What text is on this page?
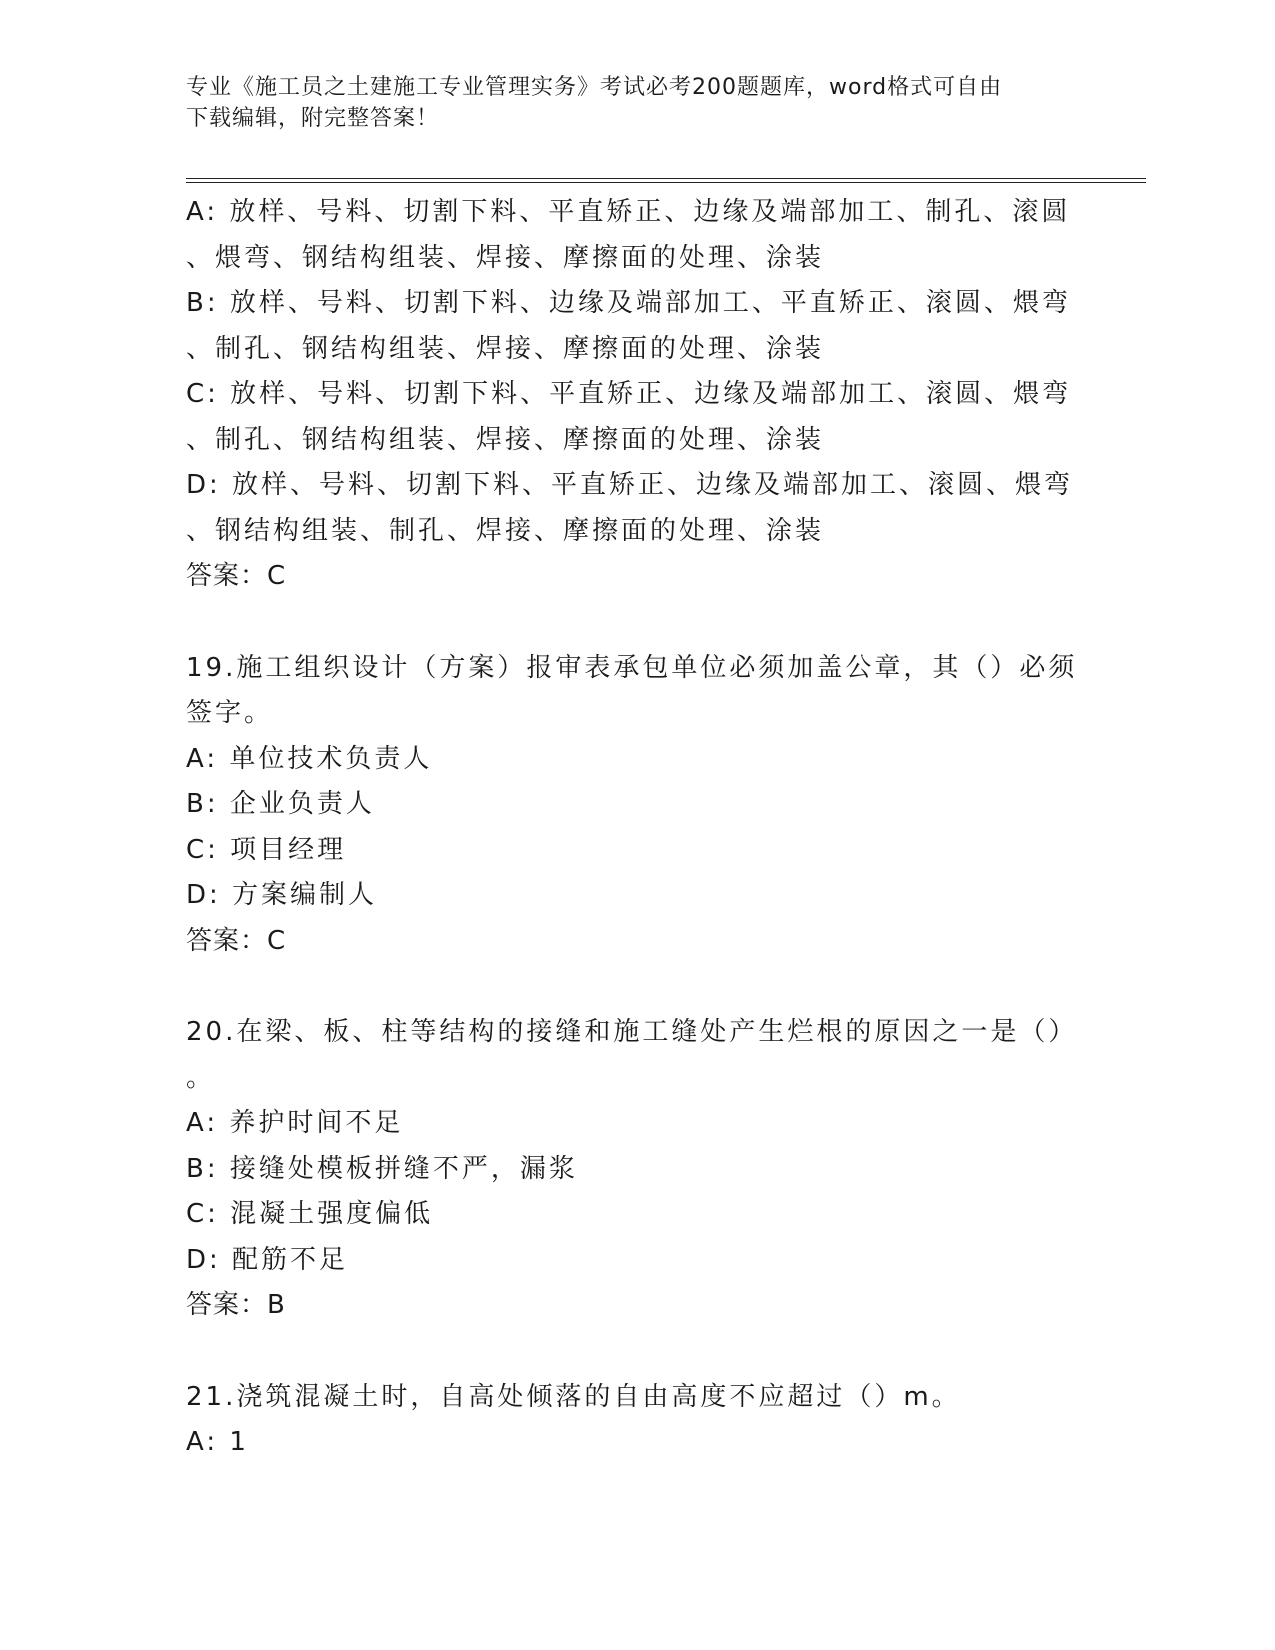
专业《施工员之土建施工专业管理实务》考试必考200题题库，word格式可自由
下载编辑，附完整答案！
A: 放样、号料、切割下料、平直矫正、边缘及端部加工、制孔、滚圆
、煨弯、钢结构组装、焊接、摩擦面的处理、涂装
B: 放样、号料、切割下料、边缘及端部加工、平直矫正、滚圆、煨弯
、制孔、钢结构组装、焊接、摩擦面的处理、涂装
C: 放样、号料、切割下料、平直矫正、边缘及端部加工、滚圆、煨弯
、制孔、钢结构组装、焊接、摩擦面的处理、涂装
D: 放样、号料、切割下料、平直矫正、边缘及端部加工、滚圆、煨弯
、钢结构组装、制孔、焊接、摩擦面的处理、涂装
答案：C
19.施工组织设计（方案）报审表承包单位必须加盖公章，其（）必须
签字。
A: 单位技术负责人
B: 企业负责人
C: 项目经理
D: 方案编制人
答案：C
20.在梁、板、柱等结构的接缝和施工缝处产生烂根的原因之一是（）
。
A: 养护时间不足
B: 接缝处模板拼缝不严，漏浆
C: 混凝土强度偏低
D: 配筋不足
答案：B
21.浇筑混凝土时，自高处倾落的自由高度不应超过（）m。
A: 1
